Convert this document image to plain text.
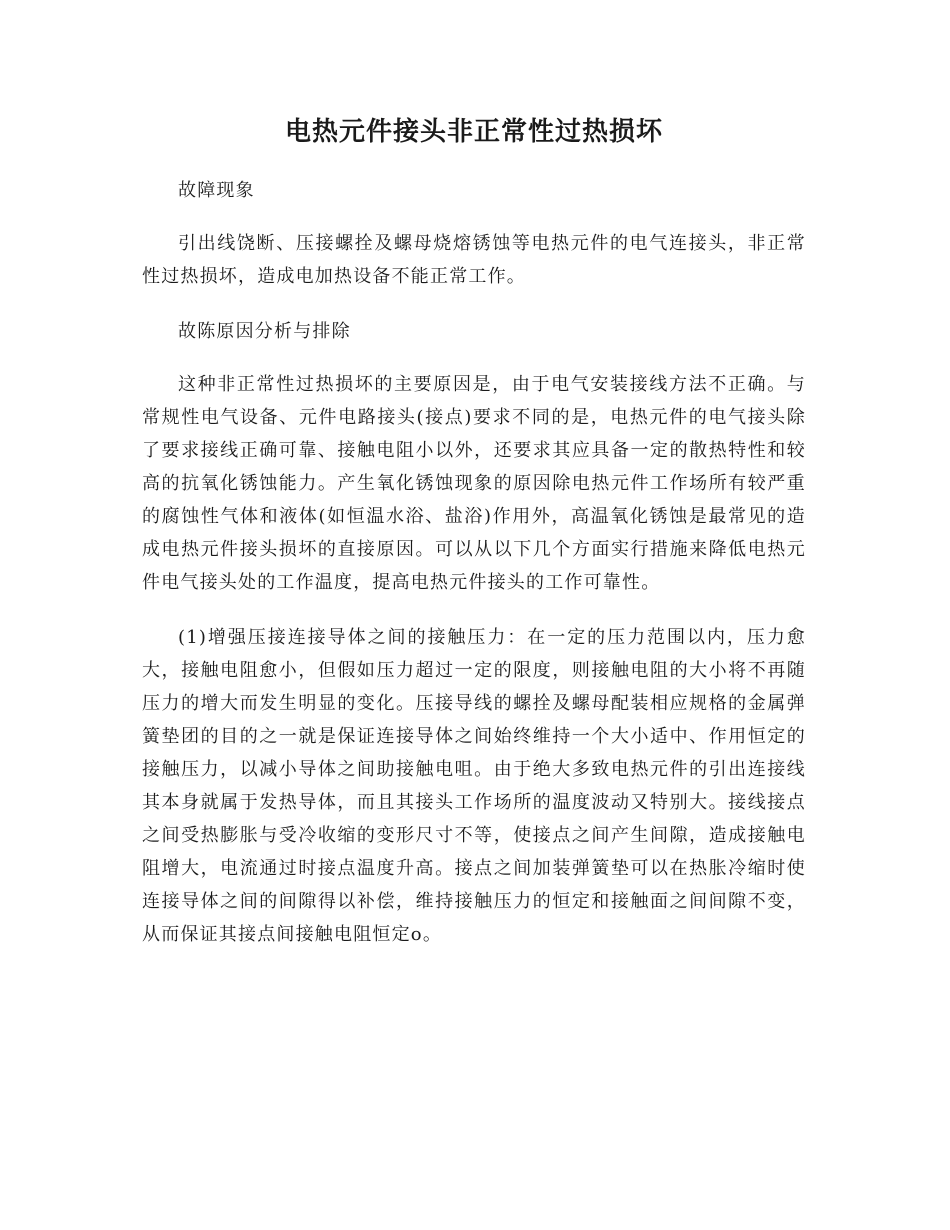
电热元件接头非正常性过热损坏

故障现象

引出线饶断、压接螺拴及螺母烧熔锈蚀等电热元件的电气连接头，非正常性过热损坏，造成电加热设备不能正常工作。

故陈原因分析与排除

这种非正常性过热损坏的主要原因是，由于电气安装接线方法不正确。与常规性电气设备、元件电路接头(接点)要求不同的是，电热元件的电气接头除了要求接线正确可靠、接触电阻小以外，还要求其应具备一定的散热特性和较高的抗氧化锈蚀能力。产生氧化锈蚀现象的原因除电热元件工作场所有较严重的腐蚀性气体和液体(如恒温水浴、盐浴)作用外，高温氧化锈蚀是最常见的造成电热元件接头损坏的直接原因。可以从以下几个方面实行措施来降低电热元件电气接头处的工作温度，提高电热元件接头的工作可靠性。

(1)增强压接连接导体之间的接触压力：在一定的压力范围以内，压力愈大，接触电阻愈小，但假如压力超过一定的限度，则接触电阻的大小将不再随压力的增大而发生明显的变化。压接导线的螺拴及螺母配装相应规格的金属弹簧垫团的目的之一就是保证连接导体之间始终维持一个大小适中、作用恒定的接触压力，以减小导体之间助接触电咀。由于绝大多致电热元件的引出连接线其本身就属于发热导体，而且其接头工作场所的温度波动又特别大。接线接点之间受热膨胀与受冷收缩的变形尺寸不等，使接点之间产生间隙，造成接触电阻增大，电流通过时接点温度升高。接点之间加装弹簧垫可以在热胀冷缩时使连接导体之间的间隙得以补偿，维持接触压力的恒定和接触面之间间隙不变，从而保证其接点间接触电阻恒定o。
